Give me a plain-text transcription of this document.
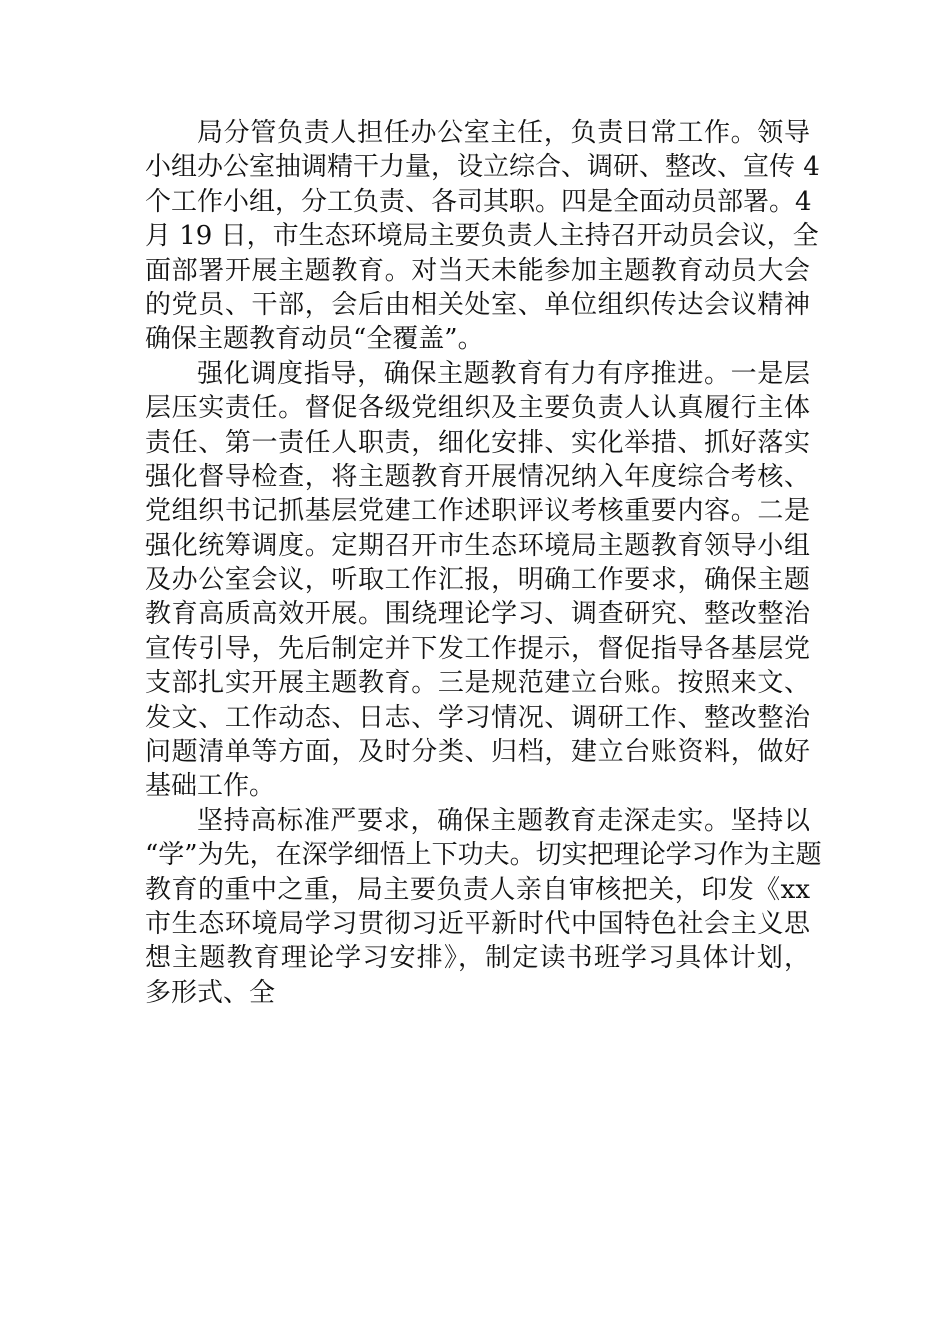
局分管负责人担任办公室主任，负责日常工作。领导
小组办公室抽调精干力量，设立综合、调研、整改、宣传 4
个工作小组，分工负责、各司其职。四是全面动员部署。4
月 19 日，市生态环境局主要负责人主持召开动员会议，全
面部署开展主题教育。对当天未能参加主题教育动员大会
的党员、干部，会后由相关处室、单位组织传达会议精神
确保主题教育动员“全覆盖”。
强化调度指导，确保主题教育有力有序推进。一是层
层压实责任。督促各级党组织及主要负责人认真履行主体
责任、第一责任人职责，细化安排、实化举措、抓好落实
强化督导检查，将主题教育开展情况纳入年度综合考核、
党组织书记抓基层党建工作述职评议考核重要内容。二是
强化统筹调度。定期召开市生态环境局主题教育领导小组
及办公室会议，听取工作汇报，明确工作要求，确保主题
教育高质高效开展。围绕理论学习、调查研究、整改整治
宣传引导，先后制定并下发工作提示，督促指导各基层党
支部扎实开展主题教育。三是规范建立台账。按照来文、
发文、工作动态、日志、学习情况、调研工作、整改整治
问题清单等方面，及时分类、归档，建立台账资料，做好
基础工作。
坚持高标准严要求，确保主题教育走深走实。坚持以
“学”为先，在深学细悟上下功夫。切实把理论学习作为主题
教育的重中之重，局主要负责人亲自审核把关，印发《xx
市生态环境局学习贯彻习近平新时代中国特色社会主义思
想主题教育理论学习安排》，制定读书班学习具体计划，
多形式、全
